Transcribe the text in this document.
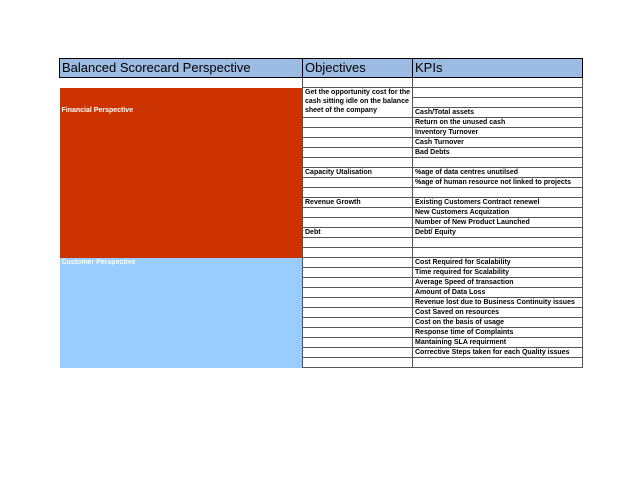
Balanced Scorecard Perspective	Objectives	KPIs

Financial Perspective	Get the opportunity cost for the cash sitting idle on the balance sheet of the company	

		Cash/Total assets
		Return on the unused cash
		Inventory Turnover
		Cash Turnover
		Bad Debts

	Capacity Utalisation	%age of data centres unutilsed
		%age of human resource not linked to projects

	Revenue Growth	Existing Customers Contract renewel
		New Customers Acquization
		Number of New Product Launched
	Debt	Debt/ Equity

Customer Perspective		Cost Required for Scalability
		Time required for Scalability
		Average Speed of transaction
		Amount of Data Loss
		Revenue lost due to Business Continuity issues
		Cost Saved on resources
		Cost on the basis of usage
		Response time of Complaints
		Mantaining SLA requirment
		Corrective Steps taken for each Quality issues
